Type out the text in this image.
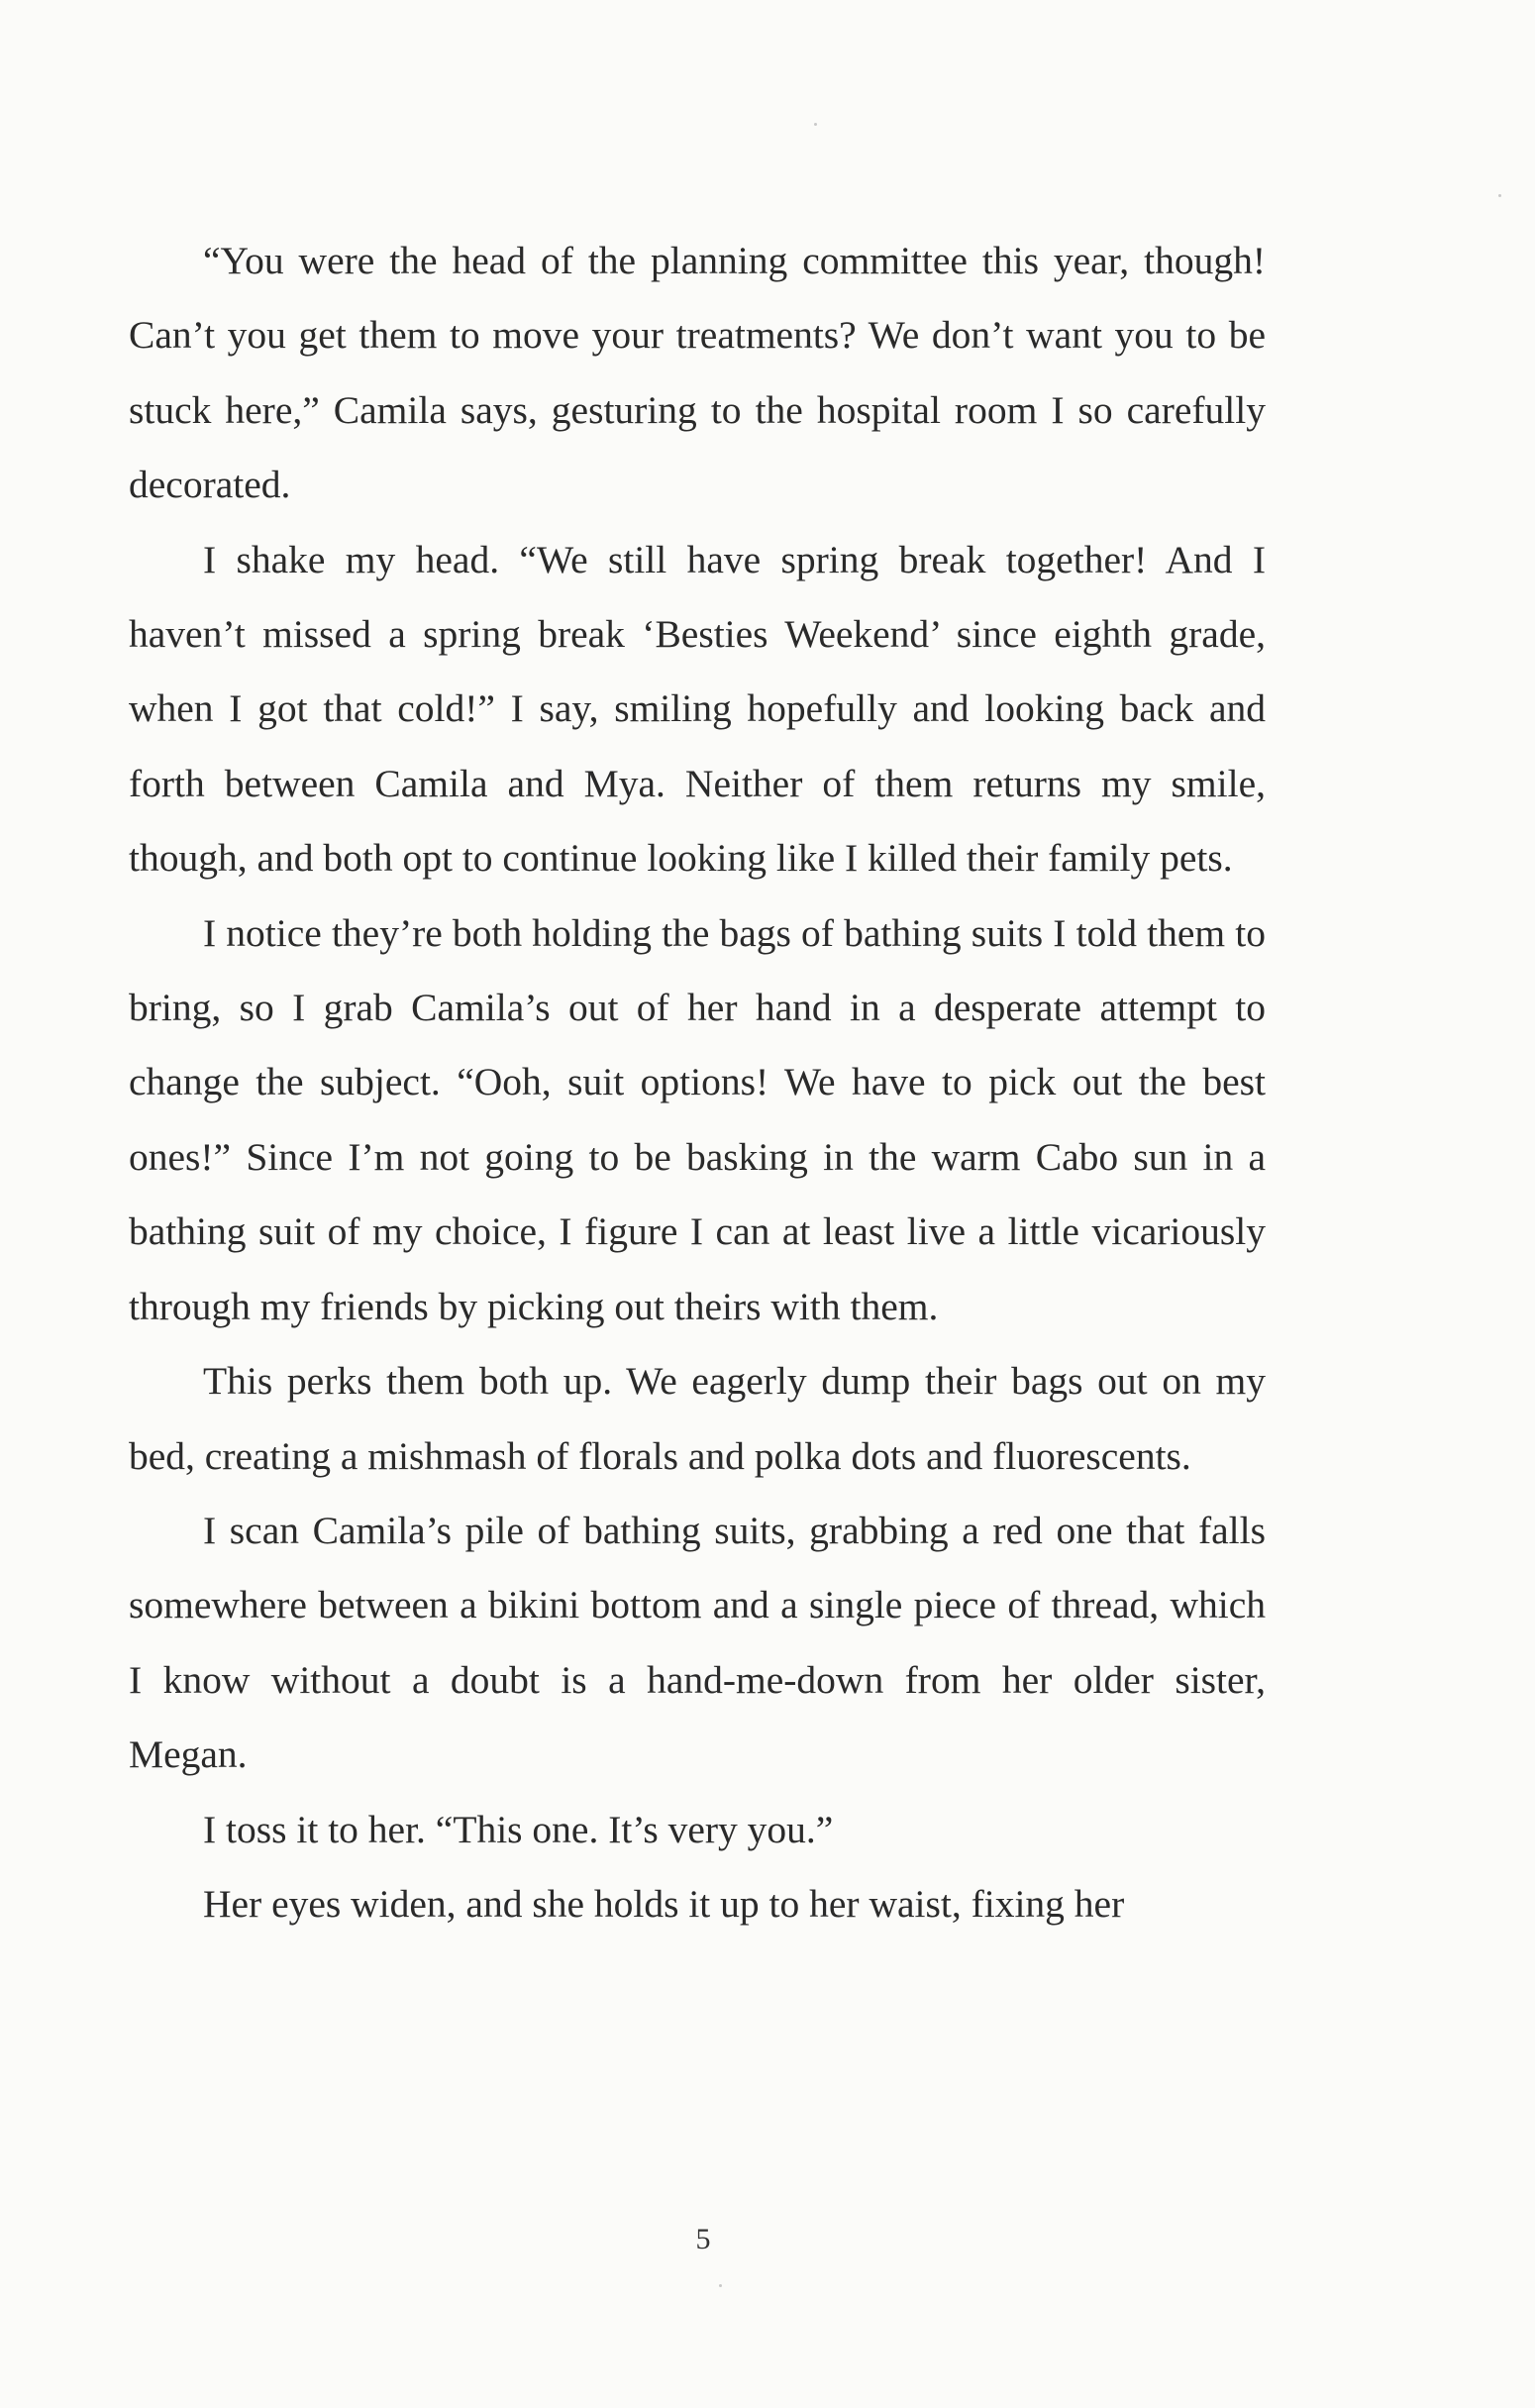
“You were the head of the planning committee this year, though! Can’t you get them to move your treatments? We don’t want you to be stuck here,” Camila says, gesturing to the hospital room I so carefully decorated.

I shake my head. “We still have spring break together! And I haven’t missed a spring break ‘Besties Weekend’ since eighth grade, when I got that cold!” I say, smiling hopefully and looking back and forth between Camila and Mya. Neither of them returns my smile, though, and both opt to continue looking like I killed their family pets.

I notice they’re both holding the bags of bathing suits I told them to bring, so I grab Camila’s out of her hand in a desperate attempt to change the subject. “Ooh, suit options! We have to pick out the best ones!” Since I’m not going to be basking in the warm Cabo sun in a bathing suit of my choice, I figure I can at least live a little vicariously through my friends by picking out theirs with them.

This perks them both up. We eagerly dump their bags out on my bed, creating a mishmash of florals and polka dots and fluorescents.

I scan Camila’s pile of bathing suits, grabbing a red one that falls somewhere between a bikini bottom and a single piece of thread, which I know without a doubt is a hand-me-down from her older sister, Megan.

I toss it to her. “This one. It’s very you.”

Her eyes widen, and she holds it up to her waist, fixing her

5
